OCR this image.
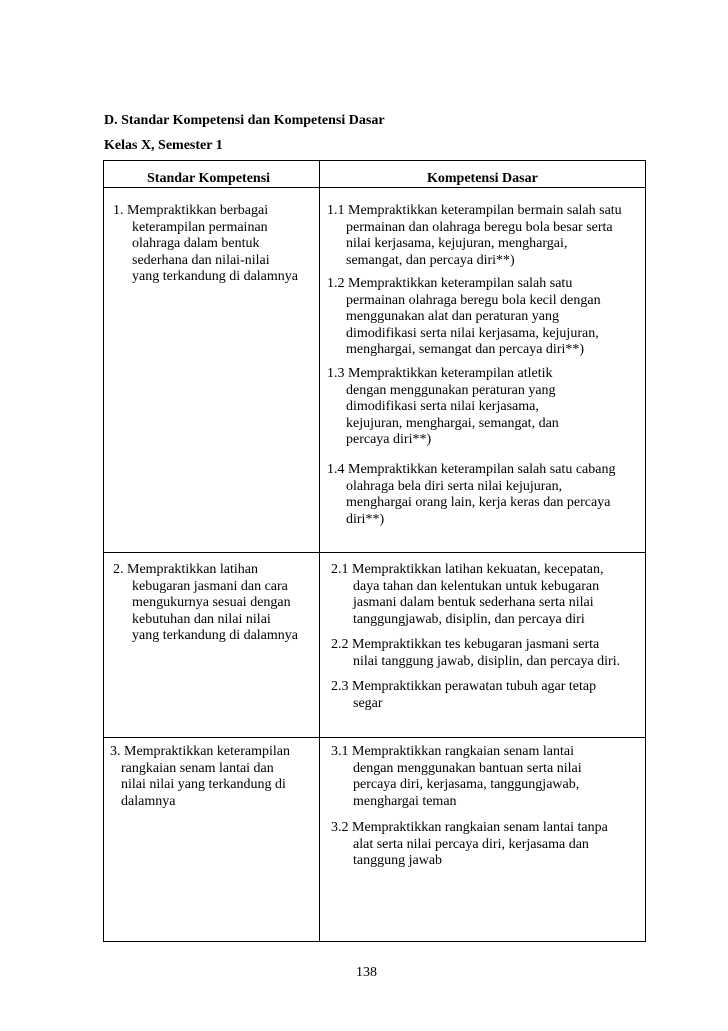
D. Standar Kompetensi dan Kompetensi Dasar
Kelas X, Semester 1
Standar Kompetensi	Kompetensi Dasar
1. Mempraktikkan berbagai
keterampilan permainan
olahraga dalam bentuk
sederhana dan nilai-nilai
yang terkandung di dalamnya
1.1 Mempraktikkan keterampilan bermain salah satu
permainan dan olahraga beregu bola besar serta
nilai kerjasama, kejujuran, menghargai,
semangat, dan percaya diri**)
1.2 Mempraktikkan keterampilan salah satu
permainan olahraga beregu bola kecil dengan
menggunakan alat dan peraturan yang
dimodifikasi serta nilai kerjasama, kejujuran,
menghargai, semangat dan percaya diri**)
1.3 Mempraktikkan keterampilan atletik
dengan menggunakan peraturan yang
dimodifikasi serta nilai kerjasama,
kejujuran, menghargai, semangat, dan
percaya diri**)
1.4 Mempraktikkan keterampilan salah satu cabang
olahraga bela diri serta nilai kejujuran,
menghargai orang lain, kerja keras dan percaya
diri**)
2. Mempraktikkan latihan
kebugaran jasmani dan cara
mengukurnya sesuai dengan
kebutuhan dan nilai nilai
yang terkandung di dalamnya
2.1 Mempraktikkan latihan kekuatan, kecepatan,
daya tahan dan kelentukan untuk kebugaran
jasmani dalam bentuk sederhana serta nilai
tanggungjawab, disiplin, dan percaya diri
2.2 Mempraktikkan tes kebugaran jasmani serta
nilai tanggung jawab, disiplin, dan percaya diri.
2.3 Mempraktikkan perawatan tubuh agar tetap
segar
3. Mempraktikkan keterampilan
rangkaian senam lantai dan
nilai nilai yang terkandung di
dalamnya
3.1 Mempraktikkan rangkaian senam lantai
dengan menggunakan bantuan serta nilai
percaya diri, kerjasama, tanggungjawab,
menghargai teman
3.2 Mempraktikkan rangkaian senam lantai tanpa
alat serta nilai percaya diri, kerjasama dan
tanggung jawab
138
